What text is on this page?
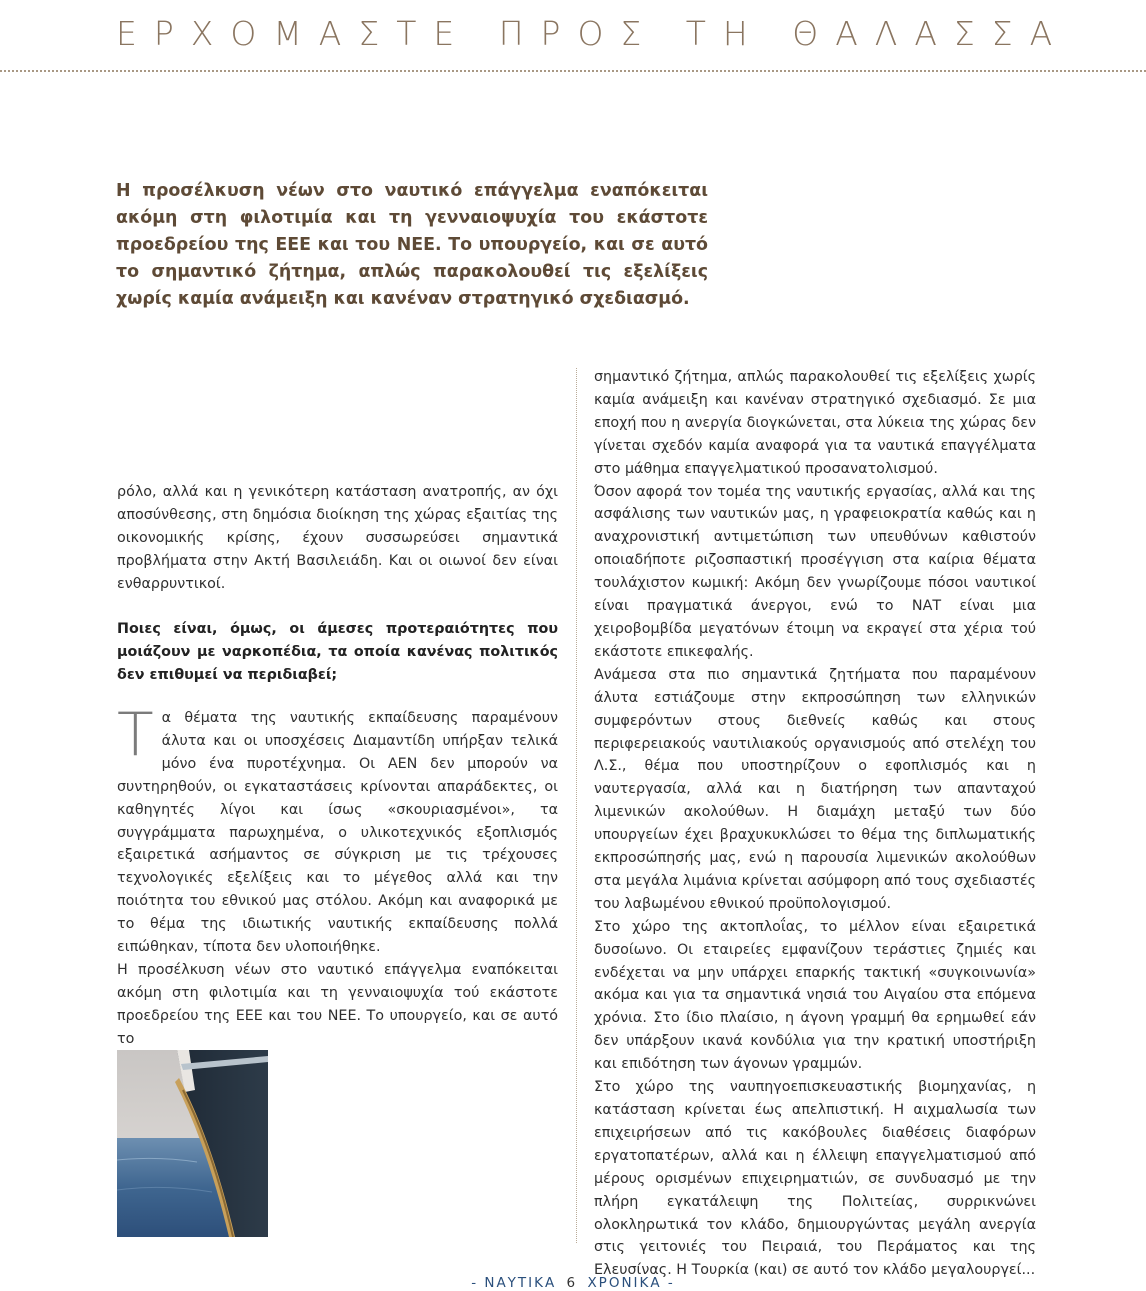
ΕΡΧΟΜΑΣΤΕ ΠΡΟΣ ΤΗ ΘΑΛΑΣΣΑ

Η προσέλκυση νέων στο ναυτικό επάγγελμα εναπόκειται ακόμη στη φιλοτιμία και τη γενναιοψυχία του εκάστοτε προεδρείου της ΕΕΕ και του ΝΕΕ. Το υπουργείο, και σε αυτό το σημαντικό ζήτημα, απλώς παρακολουθεί τις εξελίξεις χωρίς καμία ανάμειξη και κανέναν στρατηγικό σχεδιασμό.

ρόλο, αλλά και η γενικότερη κατάσταση ανατροπής, αν όχι αποσύνθεσης, στη δημόσια διοίκηση της χώρας εξαιτίας της οικονομικής κρίσης, έχουν συσσωρεύσει σημαντικά προβλήματα στην Ακτή Βασιλειάδη. Και οι οιωνοί δεν είναι ενθαρρυντικοί.

Ποιες είναι, όμως, οι άμεσες προτεραιότητες που μοιάζουν με ναρκοπέδια, τα οποία κανένας πολιτικός δεν επιθυμεί να περιδιαβεί;

Τα θέματα της ναυτικής εκπαίδευσης παραμένουν άλυτα και οι υποσχέσεις Διαμαντίδη υπήρξαν τελικά μόνο ένα πυροτέχνημα. Οι ΑΕΝ δεν μπορούν να συντηρηθούν, οι εγκαταστάσεις κρίνονται απαράδεκτες, οι καθηγητές λίγοι και ίσως «σκουριασμένοι», τα συγγράμματα παρωχημένα, ο υλικοτεχνικός εξοπλισμός εξαιρετικά ασήμαντος σε σύγκριση με τις τρέχουσες τεχνολογικές εξελίξεις και το μέγεθος αλλά και την ποιότητα του εθνικού μας στόλου. Ακόμη και αναφορικά με το θέμα της ιδιωτικής ναυτικής εκπαίδευσης πολλά ειπώθηκαν, τίποτα δεν υλοποιήθηκε.

Η προσέλκυση νέων στο ναυτικό επάγγελμα εναπόκειται ακόμη στη φιλοτιμία και τη γενναιοψυχία τού εκάστοτε προεδρείου της ΕΕΕ και του ΝΕΕ. Το υπουργείο, και σε αυτό το

σημαντικό ζήτημα, απλώς παρακολουθεί τις εξελίξεις χωρίς καμία ανάμειξη και κανέναν στρατηγικό σχεδιασμό. Σε μια εποχή που η ανεργία διογκώνεται, στα λύκεια της χώρας δεν γίνεται σχεδόν καμία αναφορά για τα ναυτικά επαγγέλματα στο μάθημα επαγγελματικού προσανατολισμού.

Όσον αφορά τον τομέα της ναυτικής εργασίας, αλλά και της ασφάλισης των ναυτικών μας, η γραφειοκρατία καθώς και η αναχρονιστική αντιμετώπιση των υπευθύνων καθιστούν οποιαδήποτε ριζοσπαστική προσέγγιση στα καίρια θέματα τουλάχιστον κωμική: Ακόμη δεν γνωρίζουμε πόσοι ναυτικοί είναι πραγματικά άνεργοι, ενώ το ΝΑΤ είναι μια χειροβομβίδα μεγατόνων έτοιμη να εκραγεί στα χέρια τού εκάστοτε επικεφαλής.

Ανάμεσα στα πιο σημαντικά ζητήματα που παραμένουν άλυτα εστιάζουμε στην εκπροσώπηση των ελληνικών συμφερόντων στους διεθνείς καθώς και στους περιφερειακούς ναυτιλιακούς οργανισμούς από στελέχη του Λ.Σ., θέμα που υποστηρίζουν ο εφοπλισμός και η ναυτεργασία, αλλά και η διατήρηση των απανταχού λιμενικών ακολούθων. Η διαμάχη μεταξύ των δύο υπουργείων έχει βραχυκυκλώσει το θέμα της διπλωματικής εκπροσώπησής μας, ενώ η παρουσία λιμενικών ακολούθων στα μεγάλα λιμάνια κρίνεται ασύμφορη από τους σχεδιαστές του λαβωμένου εθνικού προϋπολογισμού.

Στο χώρο της ακτοπλοΐας, το μέλλον είναι εξαιρετικά δυσοίωνο. Οι εταιρείες εμφανίζουν τεράστιες ζημιές και ενδέχεται να μην υπάρχει επαρκής τακτική «συγκοινωνία» ακόμα και για τα σημαντικά νησιά του Αιγαίου στα επόμενα χρόνια. Στο ίδιο πλαίσιο, η άγονη γραμμή θα ερημωθεί εάν δεν υπάρξουν ικανά κονδύλια για την κρατική υποστήριξη και επιδότηση των άγονων γραμμών.

Στο χώρο της ναυπηγοεπισκευαστικής βιομηχανίας, η κατάσταση κρίνεται έως απελπιστική. Η αιχμαλωσία των επιχειρήσεων από τις κακόβουλες διαθέσεις διαφόρων εργατοπατέρων, αλλά και η έλλειψη επαγγελματισμού από μέρους ορισμένων επιχειρηματιών, σε συνδυασμό με την πλήρη εγκατάλειψη της Πολιτείας, συρρικνώνει ολοκληρωτικά τον κλάδο, δημιουργώντας μεγάλη ανεργία στις γειτονιές του Πειραιά, του Περάματος και της Ελευσίνας. Η Τουρκία (και) σε αυτό τον κλάδο μεγαλουργεί...

- ΝΑΥΤΙΚΑ 6 ΧΡΟΝΙΚΑ -
